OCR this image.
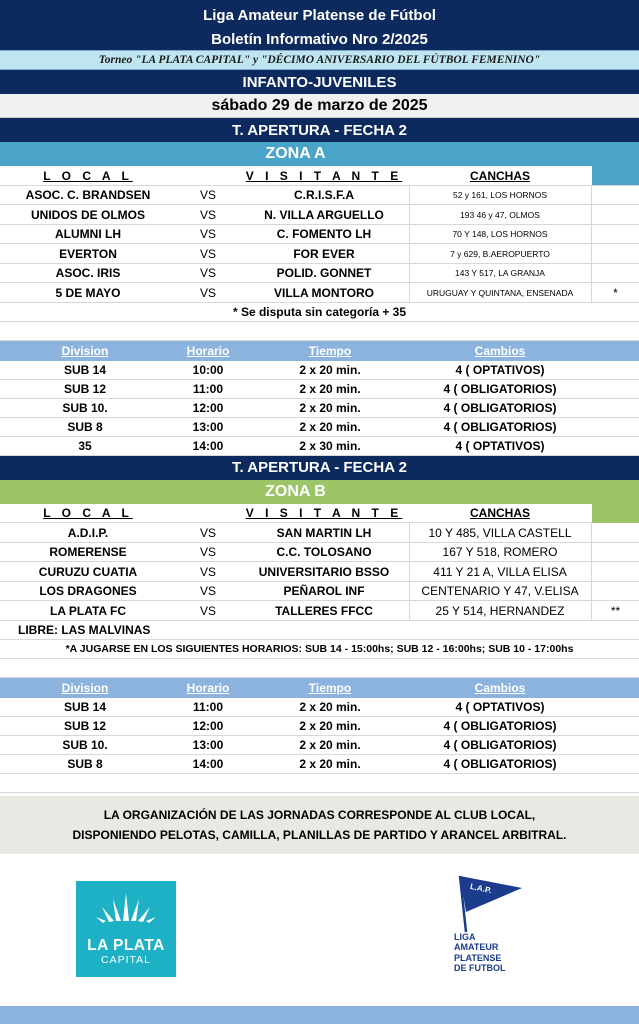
Liga Amateur Platense de Fútbol
Boletín Informativo Nro 2/2025
Torneo "LA PLATA CAPITAL" y "DÉCIMO ANIVERSARIO DEL FÚTBOL FEMENINO"
INFANTO-JUVENILES
sábado 29 de marzo de 2025
T. APERTURA - FECHA 2
ZONA A
L O C A L	V I S I T A N T E	CANCHAS
ASOC. C. BRANDSEN	VS	C.R.I.S.F.A	52 y 161, LOS HORNOS
UNIDOS DE OLMOS	VS	N. VILLA ARGUELLO	193 46 y 47, OLMOS
ALUMNI LH	VS	C. FOMENTO LH	70 Y 148, LOS HORNOS
EVERTON	VS	FOR EVER	7 y 629, B.AEROPUERTO
ASOC. IRIS	VS	POLID. GONNET	143 Y 517, LA GRANJA
5 DE MAYO	VS	VILLA MONTORO	URUGUAY Y QUINTANA, ENSENADA	*
* Se disputa sin categoría + 35
Division	Horario	Tiempo	Cambios
SUB 14	10:00	2 x 20 min.	4 ( OPTATIVOS)
SUB 12	11:00	2 x 20 min.	4 ( OBLIGATORIOS)
SUB 10.	12:00	2 x 20 min.	4 ( OBLIGATORIOS)
SUB 8	13:00	2 x 20 min.	4 ( OBLIGATORIOS)
35	14:00	2 x 30 min.	4 ( OPTATIVOS)
T. APERTURA - FECHA 2
ZONA B
L O C A L	V I S I T A N T E	CANCHAS
A.D.I.P.	VS	SAN MARTIN LH	10 Y 485, VILLA CASTELL
ROMERENSE	VS	C.C. TOLOSANO	167 Y 518, ROMERO
CURUZU CUATIA	VS	UNIVERSITARIO BSSO	411 Y 21 A, VILLA ELISA
LOS DRAGONES	VS	PEÑAROL INF	CENTENARIO Y 47, V.ELISA
LA PLATA FC	VS	TALLERES FFCC	25 Y 514, HERNANDEZ	**
LIBRE: LAS MALVINAS
*A JUGARSE EN LOS SIGUIENTES HORARIOS: SUB 14 - 15:00hs; SUB 12 - 16:00hs; SUB 10 - 17:00hs
Division	Horario	Tiempo	Cambios
SUB 14	11:00	2 x 20 min.	4 ( OPTATIVOS)
SUB 12	12:00	2 x 20 min.	4 ( OBLIGATORIOS)
SUB 10.	13:00	2 x 20 min.	4 ( OBLIGATORIOS)
SUB 8	14:00	2 x 20 min.	4 ( OBLIGATORIOS)
LA ORGANIZACIÓN DE LAS JORNADAS CORRESPONDE AL CLUB LOCAL,
DISPONIENDO PELOTAS, CAMILLA, PLANILLAS DE PARTIDO Y ARANCEL ARBITRAL.
LA PLATA
CAPITAL
L.A.P.
LIGA
AMATEUR
PLATENSE
DE FUTBOL
